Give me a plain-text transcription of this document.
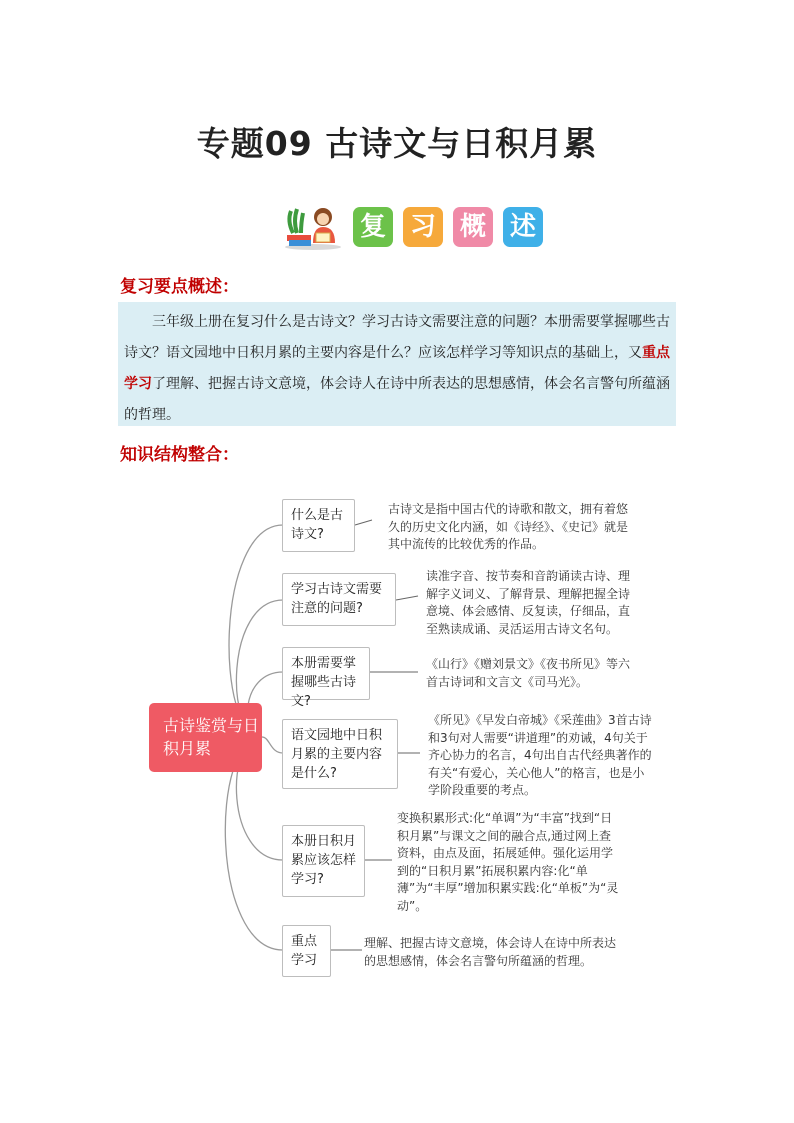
专题09 古诗文与日积月累
复 习 概 述
复习要点概述：
三年级上册在复习什么是古诗文？学习古诗文需要注意的问题？本册需要掌握哪些古诗文？语文园地中日积月累的主要内容是什么？应该怎样学习等知识点的基础上，又重点学习了理解、把握古诗文意境，体会诗人在诗中所表达的思想感情，体会名言警句所蕴涵的哲理。
知识结构整合：
古诗鉴赏与日积月累
什么是古诗文?
古诗文是指中国古代的诗歌和散文，拥有着悠久的历史文化内涵，如《诗经》、《史记》就是其中流传的比较优秀的作品。
学习古诗文需要注意的问题?
读准字音、按节奏和音韵诵读古诗、理解字义词义、了解背景、理解把握全诗意境、体会感情、反复读，仔细品，直至熟读成诵、灵活运用古诗文名句。
本册需要掌握哪些古诗文?
《山行》《赠刘景文》《夜书所见》等六首古诗词和文言文《司马光》。
语文园地中日积月累的主要内容是什么?
《所见》《早发白帝城》《采莲曲》3首古诗和3句对人需要“讲道理”的劝诫，4句关于齐心协力的名言，4句出自古代经典著作的有关“有爱心，关心他人”的格言，也是小学阶段重要的考点。
本册日积月累应该怎样学习?
变换积累形式:化“单调”为“丰富”找到“日积月累”与课文之间的融合点,通过网上查资料，由点及面，拓展延伸。强化运用学到的“日积月累”拓展积累内容:化“单薄”为“丰厚”增加积累实践:化“单板”为“灵动”。
重点学习
理解、把握古诗文意境，体会诗人在诗中所表达的思想感情，体会名言警句所蕴涵的哲理。
